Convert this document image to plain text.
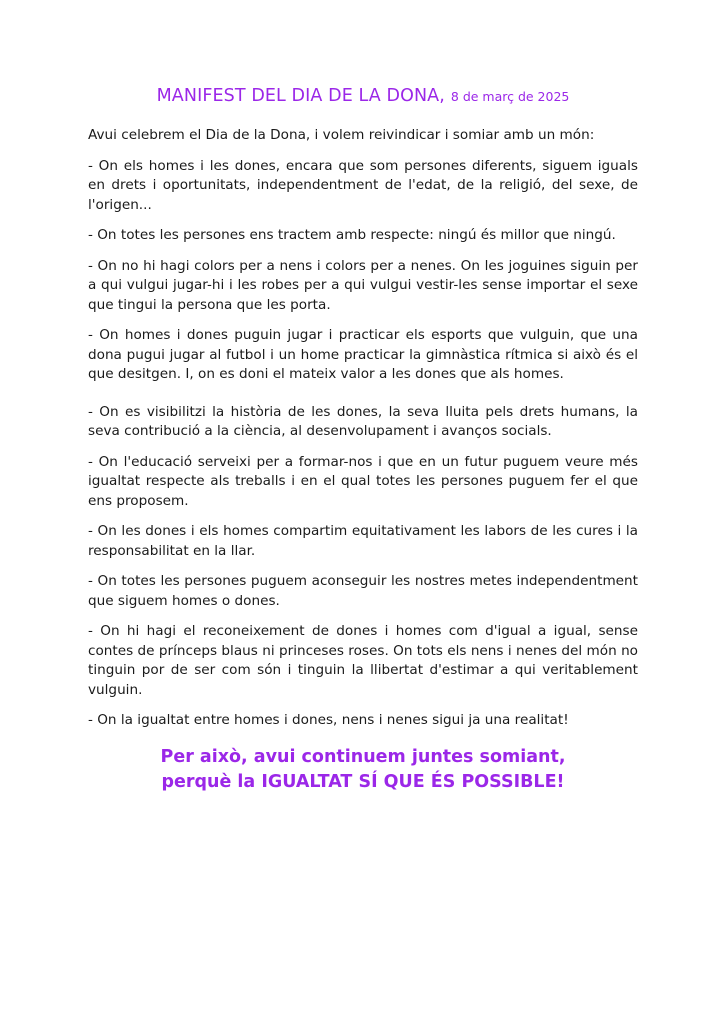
MANIFEST DEL DIA DE LA DONA, 8 de març de 2025

Avui celebrem el Dia de la Dona, i volem reivindicar i somiar amb un món:

- On els homes i les dones, encara que som persones diferents, siguem iguals en drets i oportunitats, independentment de l'edat, de la religió, del sexe, de l'origen...

- On totes les persones ens tractem amb respecte: ningú és millor que ningú.

- On no hi hagi colors per a nens i colors per a nenes. On les joguines siguin per a qui vulgui jugar-hi i les robes per a qui vulgui vestir-les sense importar el sexe que tingui la persona que les porta.

- On homes i dones puguin jugar i practicar els esports que vulguin, que una dona pugui jugar al futbol i un home practicar la gimnàstica rítmica si això és el que desitgen. I, on es doni el mateix valor a les dones que als homes.

- On es visibilitzi la història de les dones, la seva lluita pels drets humans, la seva contribució a la ciència, al desenvolupament i avanços socials.

- On l'educació serveixi per a formar-nos i que en un futur puguem veure més igualtat respecte als treballs i en el qual totes les persones puguem fer el que ens proposem.

- On les dones i els homes compartim equitativament les labors de les cures i la responsabilitat en la llar.

- On totes les persones puguem aconseguir les nostres metes independentment que siguem homes o dones.

- On hi hagi el reconeixement de dones i homes com d'igual a igual, sense contes de prínceps blaus ni princeses roses. On tots els nens i nenes del món no tinguin por de ser com són i tinguin la llibertat d'estimar a qui veritablement vulguin.

- On la igualtat entre homes i dones, nens i nenes sigui ja una realitat!

Per això, avui continuem juntes somiant,
perquè la IGUALTAT SÍ QUE ÉS POSSIBLE!
